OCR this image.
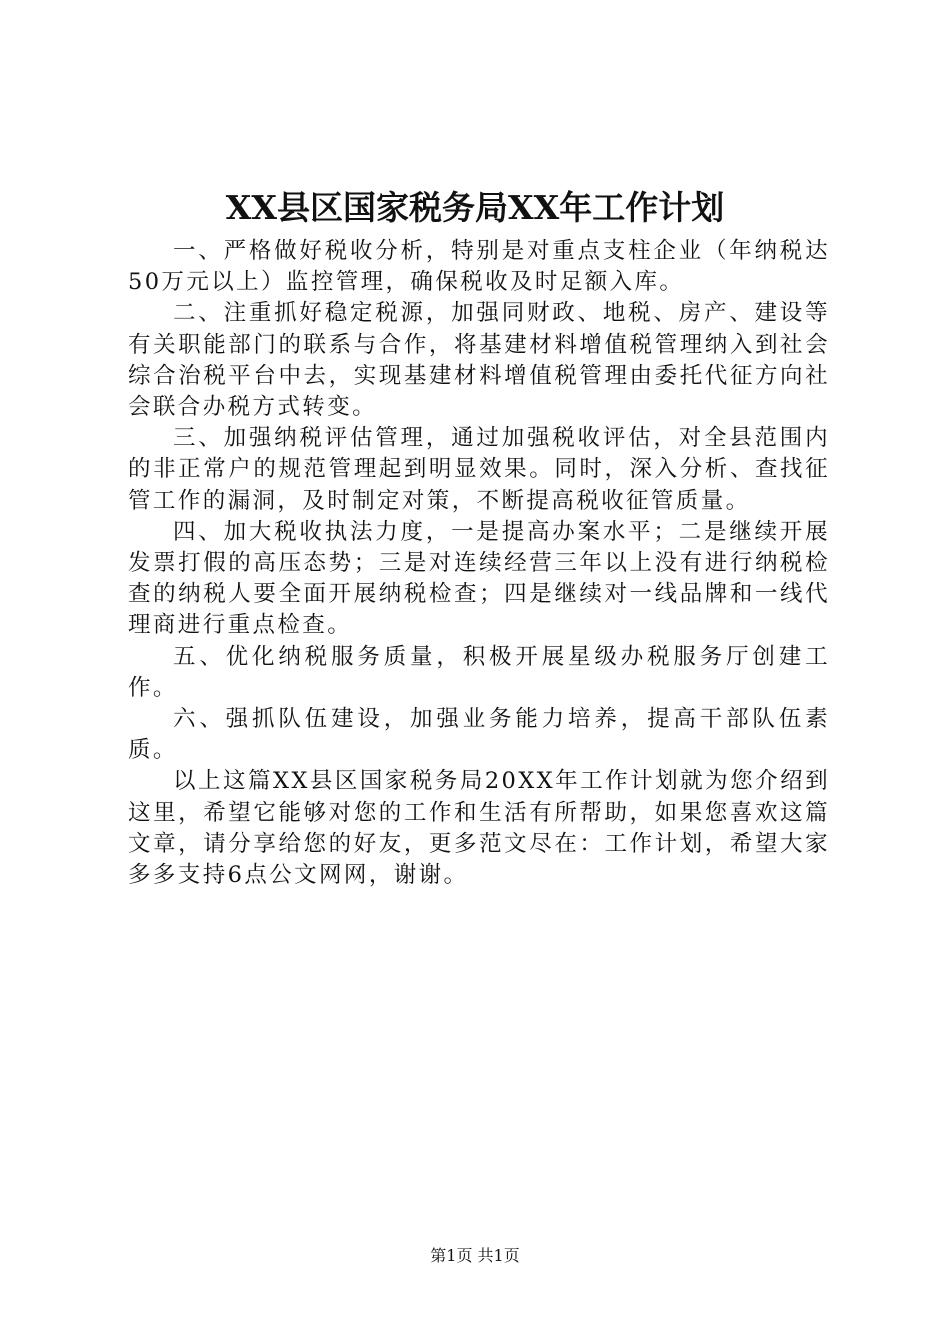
XX县区国家税务局XX年工作计划

一、严格做好税收分析，特别是对重点支柱企业（年纳税达50万元以上）监控管理，确保税收及时足额入库。

二、注重抓好稳定税源，加强同财政、地税、房产、建设等有关职能部门的联系与合作，将基建材料增值税管理纳入到社会综合治税平台中去，实现基建材料增值税管理由委托代征方向社会联合办税方式转变。

三、加强纳税评估管理，通过加强税收评估，对全县范围内的非正常户的规范管理起到明显效果。同时，深入分析、查找征管工作的漏洞，及时制定对策，不断提高税收征管质量。

四、加大税收执法力度，一是提高办案水平；二是继续开展发票打假的高压态势；三是对连续经营三年以上没有进行纳税检查的纳税人要全面开展纳税检查；四是继续对一线品牌和一线代理商进行重点检查。

五、优化纳税服务质量，积极开展星级办税服务厅创建工作。

六、强抓队伍建设，加强业务能力培养，提高干部队伍素质。

以上这篇XX县区国家税务局20XX年工作计划就为您介绍到这里，希望它能够对您的工作和生活有所帮助，如果您喜欢这篇文章，请分享给您的好友，更多范文尽在：工作计划，希望大家多多支持6点公文网网，谢谢。

第1页 共1页
